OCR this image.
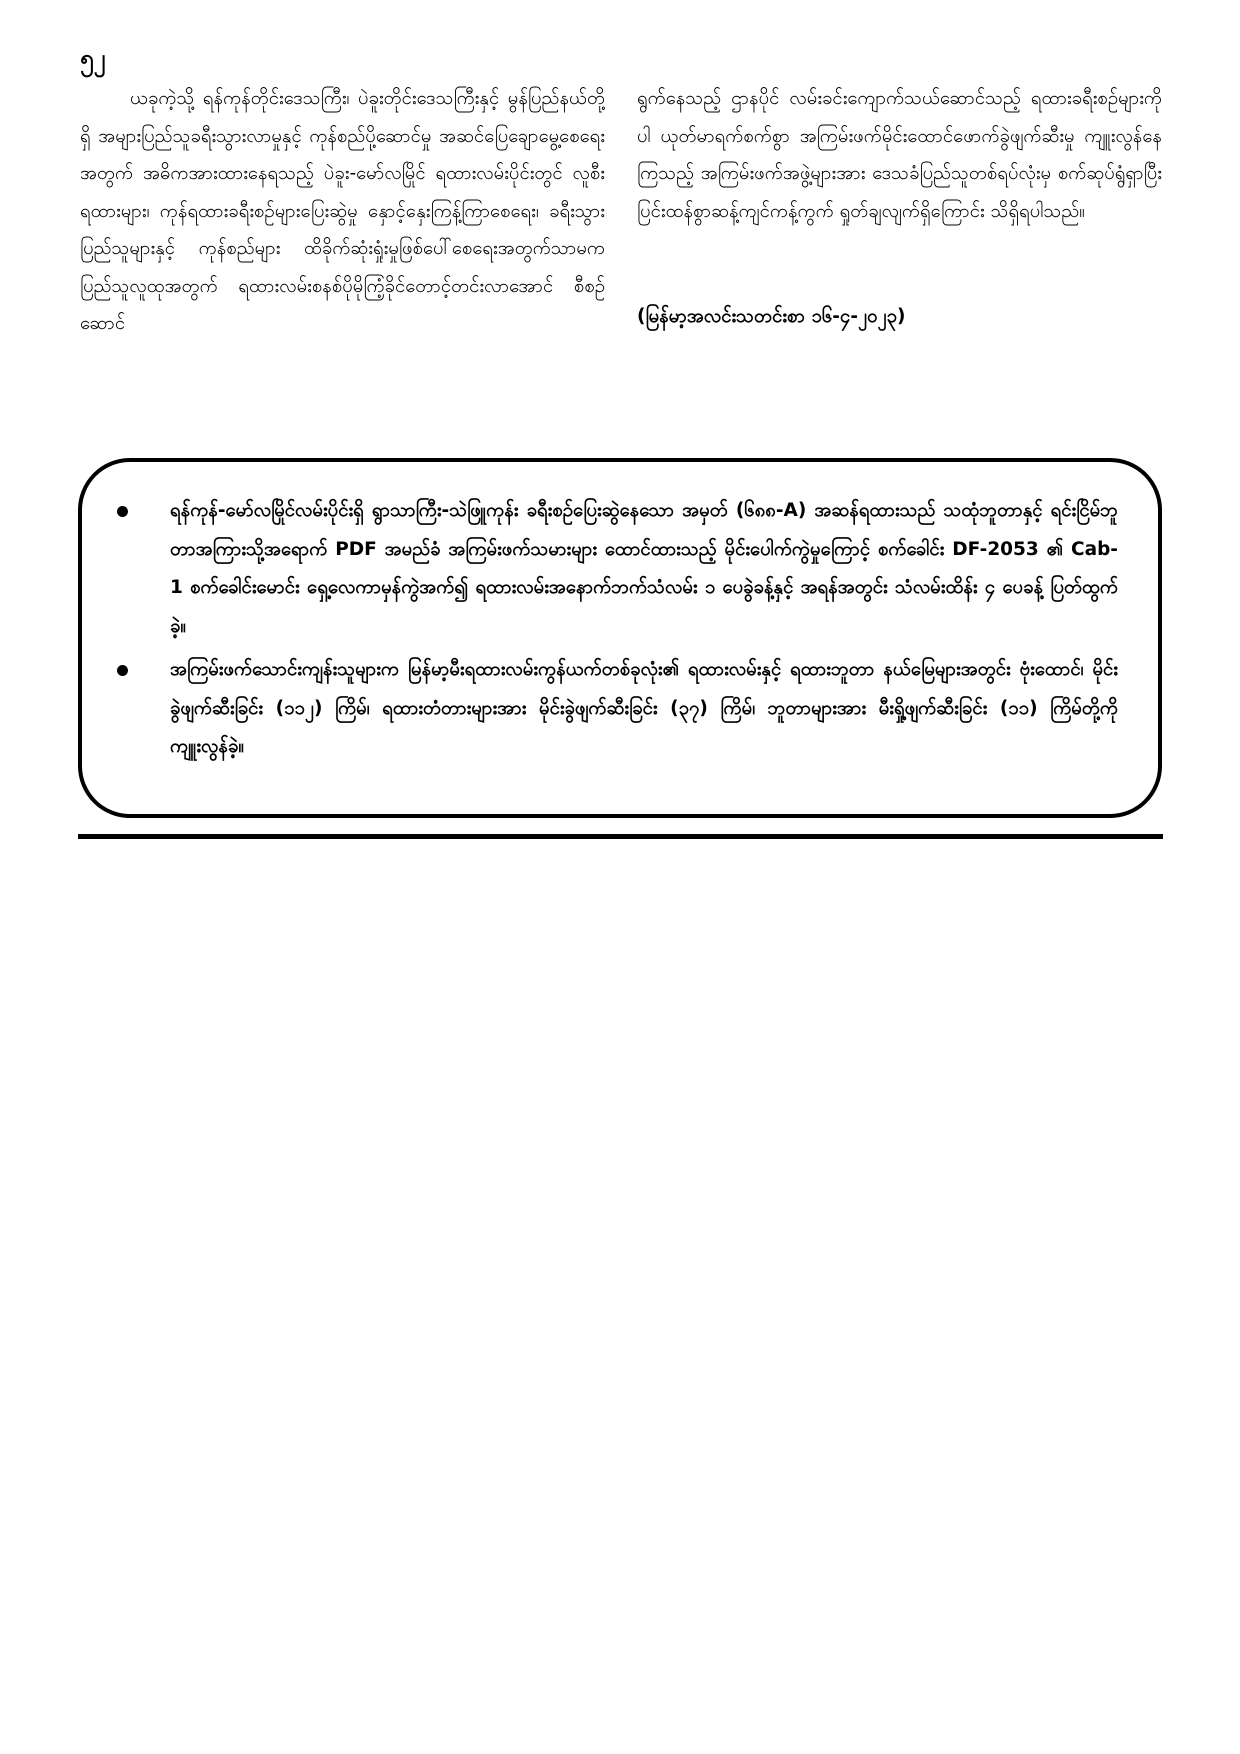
၅၂

ယခုကဲ့သို့ ရန်ကုန်တိုင်းဒေသကြီး၊ ပဲခူးတိုင်းဒေသကြီးနှင့် မွန်ပြည်နယ်တို့ရှိ အများပြည်သူခရီးသွားလာမှုနှင့် ကုန်စည်ပို့ဆောင်မှု အဆင်ပြေချောမွေ့စေရေးအတွက် အဓိကအားထားနေရသည့် ပဲခူး-မော်လမြိုင် ရထားလမ်းပိုင်းတွင် လူစီးရထားများ၊ ကုန်ရထားခရီးစဉ်များပြေးဆွဲမှု နှောင့်နှေးကြန့်ကြာစေရေး၊ ခရီးသွားပြည်သူများနှင့် ကုန်စည်များ ထိခိုက်ဆုံးရှုံးမှုဖြစ်ပေါ်စေရေးအတွက်သာမက ပြည်သူလူထုအတွက် ရထားလမ်းစနစ်ပိုမိုကြံ့ခိုင်တောင့်တင်းလာအောင် စီစဉ်ဆောင်

ရွက်နေသည့် ဌာနပိုင် လမ်းခင်းကျောက်သယ်ဆောင်သည့် ရထားခရီးစဉ်များကိုပါ ယုတ်မာရက်စက်စွာ အကြမ်းဖက်မိုင်းထောင်ဖောက်ခွဲဖျက်ဆီးမှု ကျူးလွန်နေကြသည့် အကြမ်းဖက်အဖွဲ့များအား ဒေသခံပြည်သူတစ်ရပ်လုံးမှ စက်ဆုပ်ရွံရှာပြီး ပြင်းထန်စွာဆန့်ကျင်ကန့်ကွက် ရှုတ်ချလျက်ရှိကြောင်း သိရှိရပါသည်။

(မြန်မာ့အလင်းသတင်းစာ ၁၆-၄-၂၀၂၃)
ရန်ကုန်-မော်လမြိုင်လမ်းပိုင်းရှိ ရွာသာကြီး-သဲဖြူကုန်း ခရီးစဉ်ပြေးဆွဲနေသော အမှတ် (၆၈၈-A) အဆန်ရထားသည် သထုံဘူတာနှင့် ရင်းငြိမ်ဘူတာအကြားသို့အရောက် PDF အမည်ခံ အကြမ်းဖက်သမားများ ထောင်ထားသည့် မိုင်းပေါက်ကွဲမှုကြောင့် စက်ခေါင်း DF-2053 ၏ Cab-1 စက်ခေါင်းမောင်း ရှေ့လေကာမှန်ကွဲအက်၍ ရထားလမ်းအနောက်ဘက်သံလမ်း ၁ ပေခွဲခန့်နှင့် အရန်အတွင်း သံလမ်းထိန်း ၄ ပေခန့် ပြတ်ထွက်ခဲ့။
အကြမ်းဖက်သောင်းကျန်းသူများက မြန်မာ့မီးရထားလမ်းကွန်ယက်တစ်ခုလုံး၏ ရထားလမ်းနှင့် ရထားဘူတာ နယ်မြေများအတွင်း ဗုံးထောင်၊ မိုင်းခွဲဖျက်ဆီးခြင်း (၁၁၂) ကြိမ်၊ ရထားတံတားများအား မိုင်းခွဲဖျက်ဆီးခြင်း (၃၇) ကြိမ်၊ ဘူတာများအား မီးရှို့ဖျက်ဆီးခြင်း (၁၁) ကြိမ်တို့ကို ကျူးလွန်ခဲ့။
